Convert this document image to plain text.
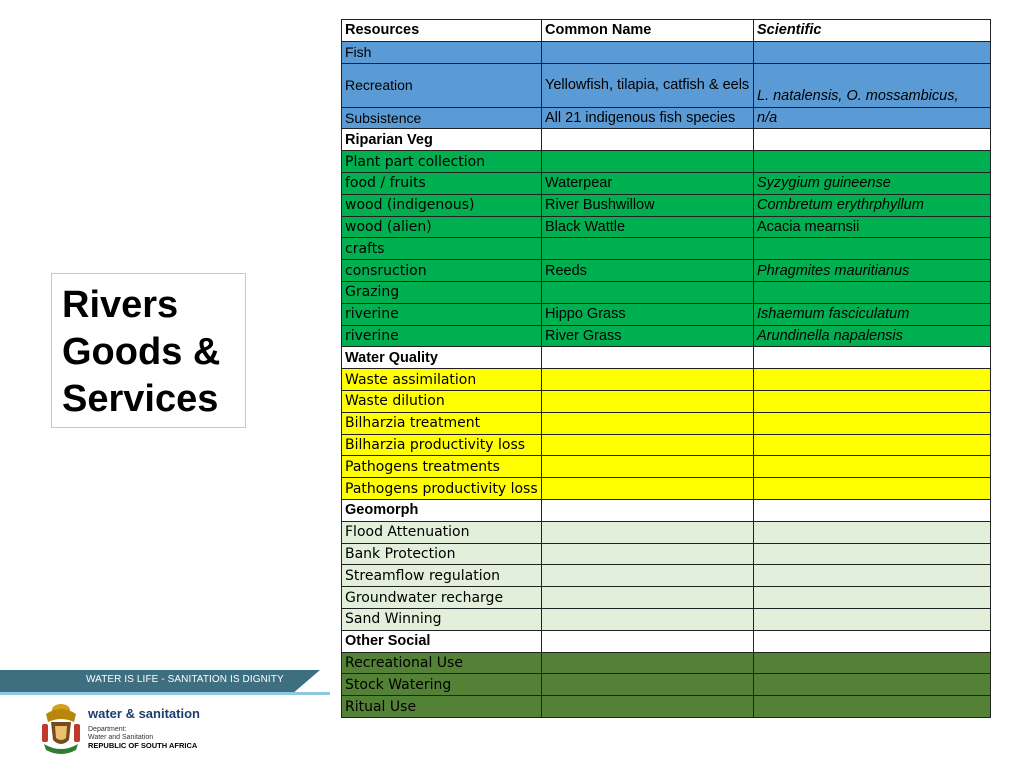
Rivers
Goods &
Services
Resources	Common Name	Scientific
Fish		
Recreation	Yellowfish, tilapia, catfish & eels	L. natalensis, O. mossambicus,
Subsistence	All 21 indigenous fish species	n/a
Riparian Veg		
Plant part collection		
food / fruits	Waterpear	Syzygium guineense
wood (indigenous)	River Bushwillow	Combretum erythrphyllum
wood (alien)	Black Wattle	Acacia mearnsii
crafts		
consruction	Reeds	Phragmites mauritianus
Grazing		
riverine	Hippo Grass	Ishaemum fasciculatum
riverine	River Grass	Arundinella napalensis
Water Quality		
Waste assimilation		
Waste dilution		
Bilharzia treatment		
Bilharzia productivity loss		
Pathogens treatments		
Pathogens productivity loss		
Geomorph		
Flood Attenuation		
Bank Protection		
Streamflow regulation		
Groundwater recharge		
Sand Winning		
Other Social		
Recreational Use		
Stock Watering		
Ritual Use		
WATER IS LIFE - SANITATION IS DIGNITY
water & sanitation
Department:
Water and Sanitation
REPUBLIC OF SOUTH AFRICA
